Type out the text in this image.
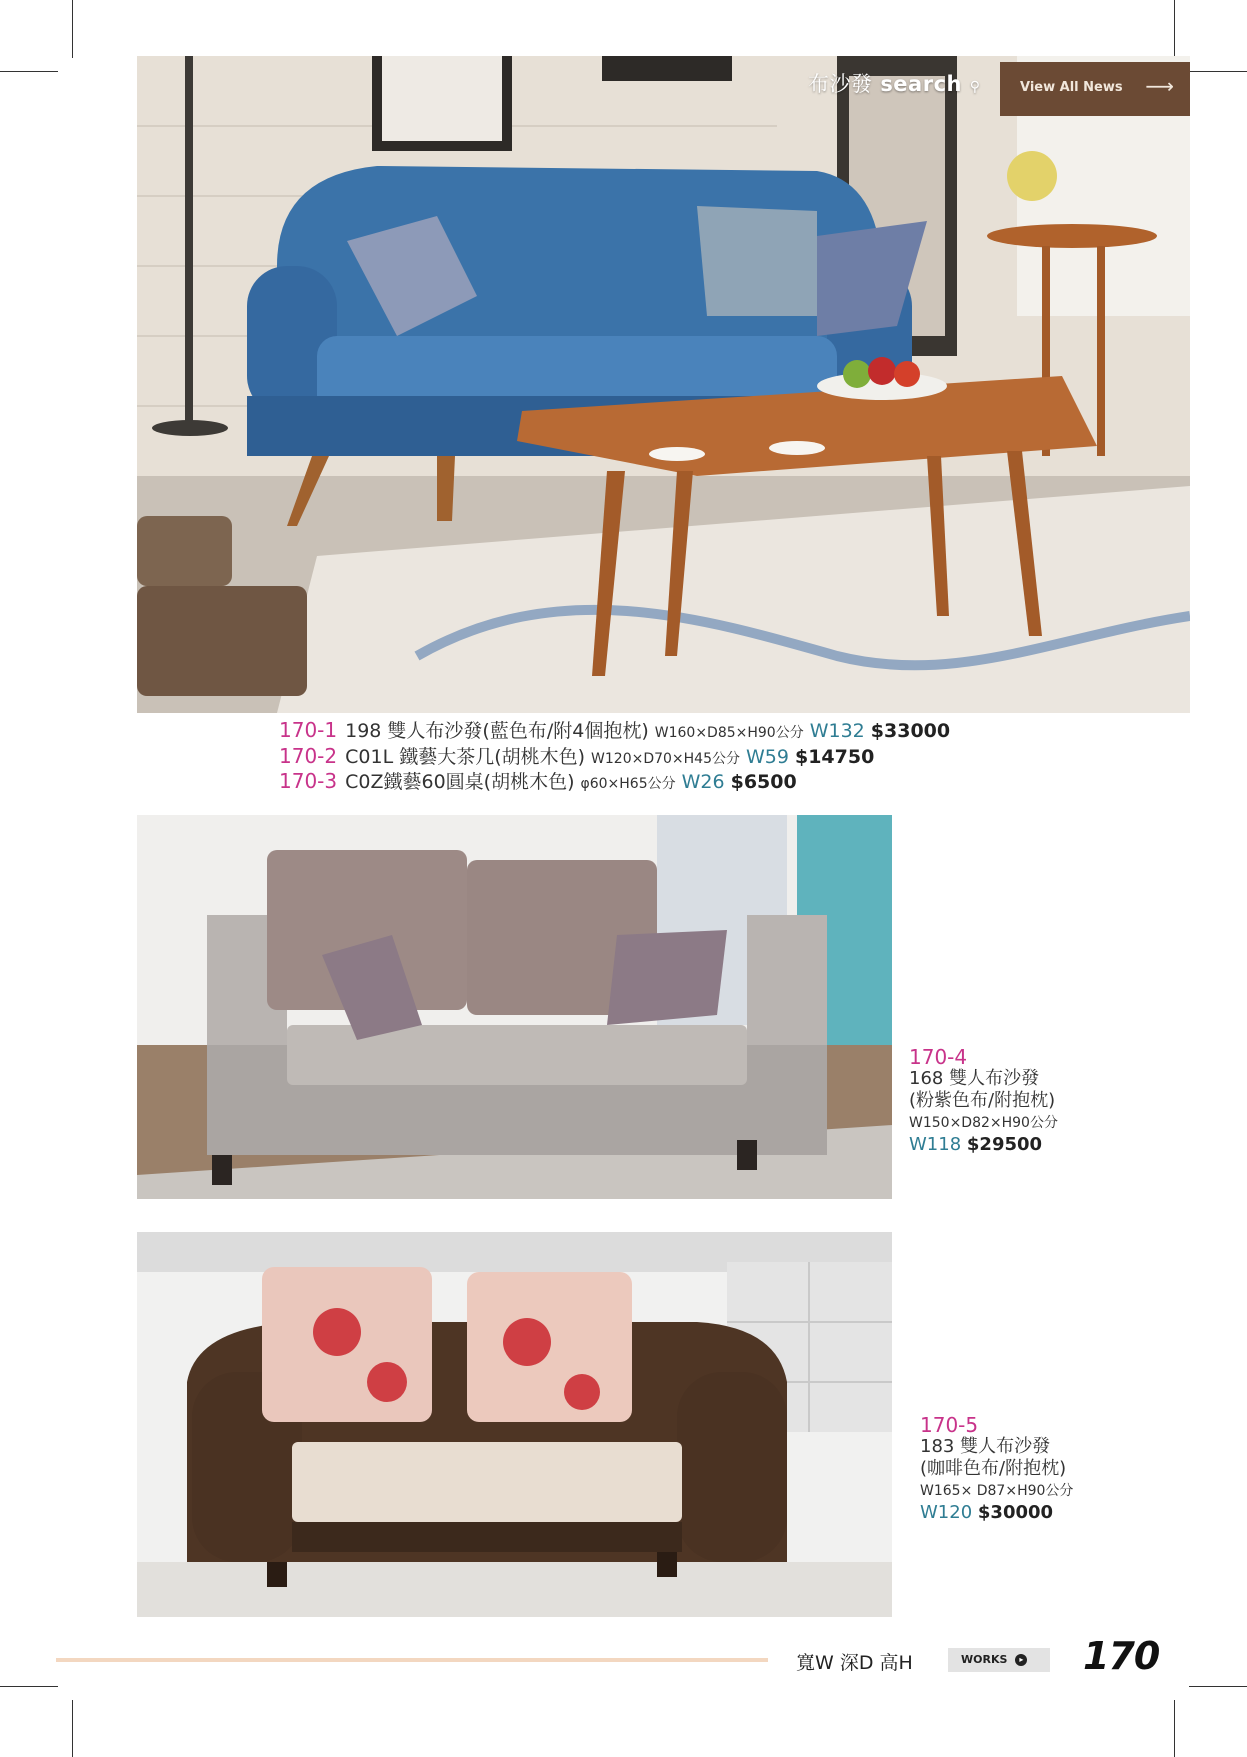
布沙發 search ⚲	View All News ⟶
170-1 198 雙人布沙發(藍色布/附4個抱枕) W160×D85×H90公分 W132 $33000
170-2 C01L 鐵藝大茶几(胡桃木色) W120×D70×H45公分 W59 $14750
170-3 C0Z鐵藝60圓桌(胡桃木色) φ60×H65公分 W26 $6500
170-4
168 雙人布沙發
(粉紫色布/附抱枕)
W150×D82×H90公分
W118 $29500
170-5
183 雙人布沙發
(咖啡色布/附抱枕)
W165× D87×H90公分
W120 $30000
寬W 深D 高H	WORKS ▸	170
